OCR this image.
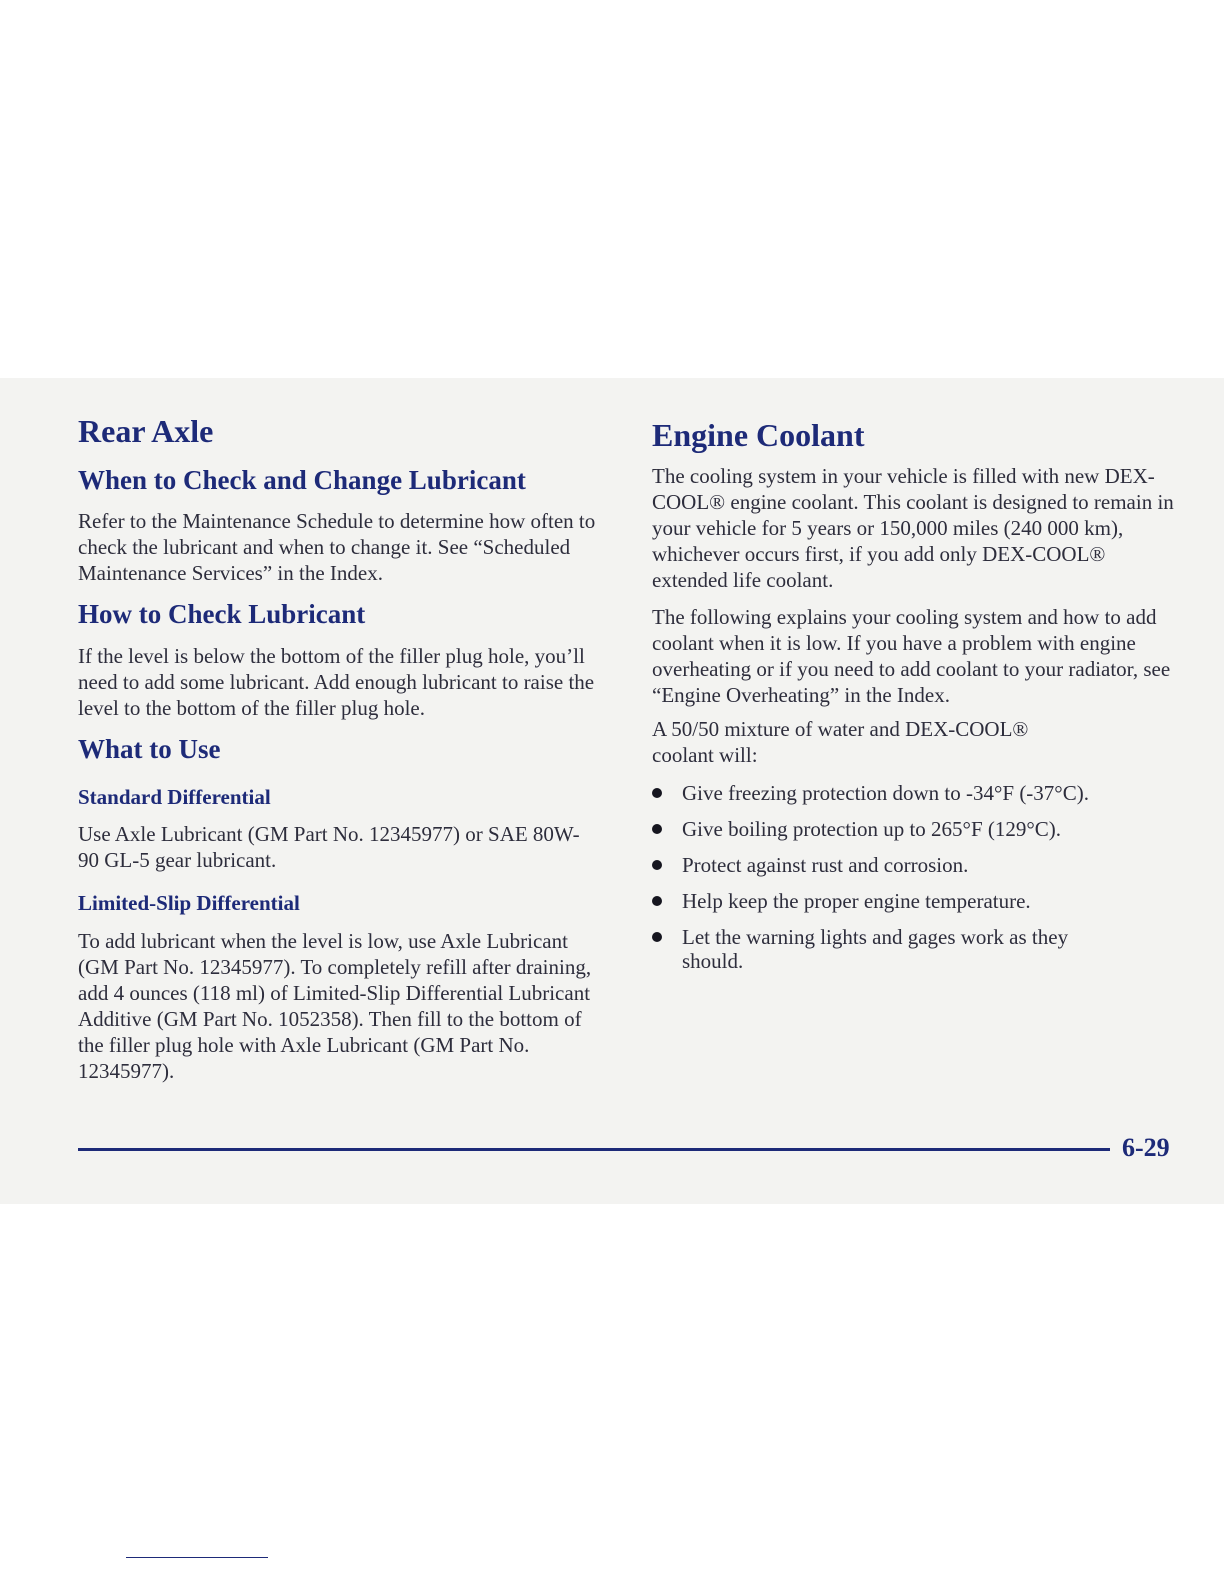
Rear Axle
When to Check and Change Lubricant

Refer to the Maintenance Schedule to determine how often to check the lubricant and when to change it. See “Scheduled Maintenance Services” in the Index.

How to Check Lubricant

If the level is below the bottom of the filler plug hole, you’ll need to add some lubricant. Add enough lubricant to raise the level to the bottom of the filler plug hole.

What to Use
Standard Differential

Use Axle Lubricant (GM Part No. 12345977) or SAE 80W-90 GL-5 gear lubricant.

Limited-Slip Differential

To add lubricant when the level is low, use Axle Lubricant (GM Part No. 12345977). To completely refill after draining, add 4 ounces (118 ml) of Limited-Slip Differential Lubricant Additive (GM Part No. 1052358). Then fill to the bottom of the filler plug hole with Axle Lubricant (GM Part No. 12345977).

Engine Coolant

The cooling system in your vehicle is filled with new DEX-COOL® engine coolant. This coolant is designed to remain in your vehicle for 5 years or 150,000 miles (240 000 km), whichever occurs first, if you add only DEX-COOL® extended life coolant.

The following explains your cooling system and how to add coolant when it is low. If you have a problem with engine overheating or if you need to add coolant to your radiator, see “Engine Overheating” in the Index.

A 50/50 mixture of water and DEX-COOL® coolant will:

Give freezing protection down to -34°F (-37°C).
Give boiling protection up to 265°F (129°C).
Protect against rust and corrosion.
Help keep the proper engine temperature.
Let the warning lights and gages work as they should.
6-29
